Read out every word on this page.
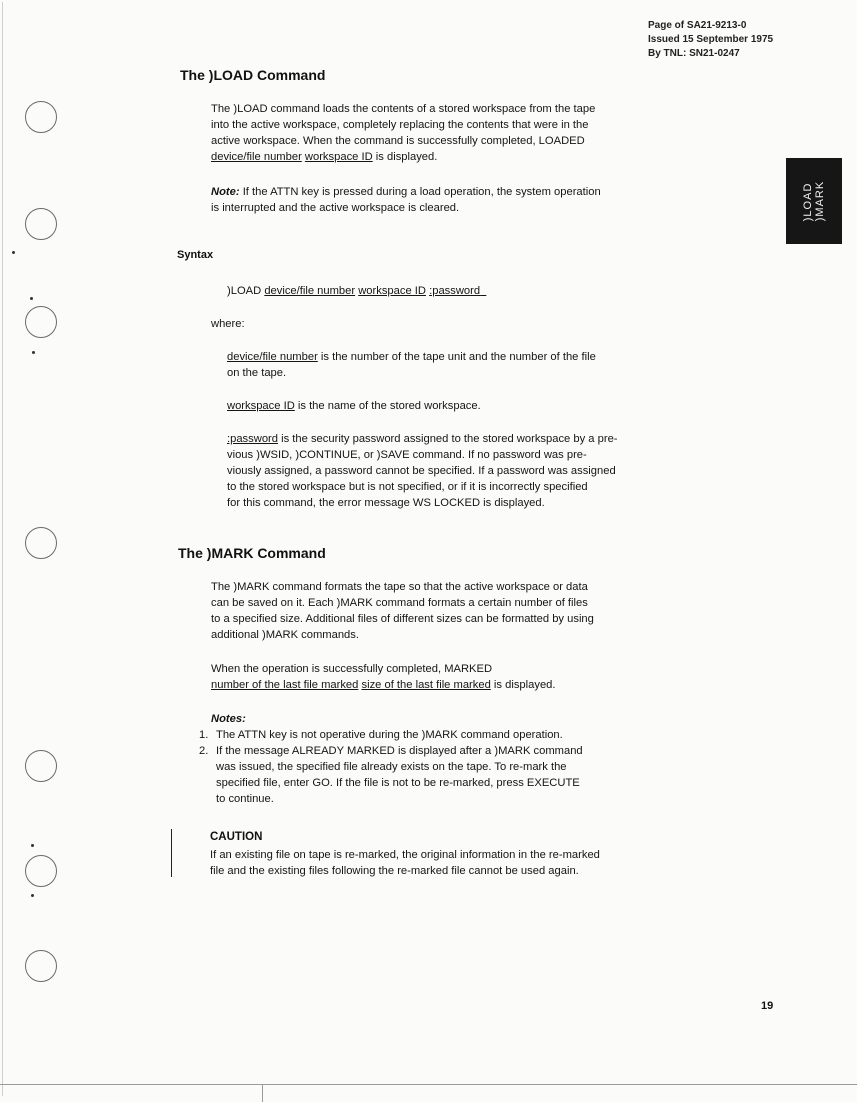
Page of SA21-9213-0
Issued 15 September 1975
By TNL: SN21-0247
)LOAD )MARK
The )LOAD Command
The )LOAD command loads the contents of a stored workspace from the tape
into the active workspace, completely replacing the contents that were in the
active workspace. When the command is successfully completed, LOADED
device/file number workspace ID is displayed.
Note: If the ATTN key is pressed during a load operation, the system operation
is interrupted and the active workspace is cleared.
Syntax
)LOAD device/file number workspace ID :password
where:
device/file number is the number of the tape unit and the number of the file
on the tape.
workspace ID is the name of the stored workspace.
:password is the security password assigned to the stored workspace by a pre-
vious )WSID, )CONTINUE, or )SAVE command. If no password was pre-
viously assigned, a password cannot be specified. If a password was assigned
to the stored workspace but is not specified, or if it is incorrectly specified
for this command, the error message WS LOCKED is displayed.
The )MARK Command
The )MARK command formats the tape so that the active workspace or data
can be saved on it. Each )MARK command formats a certain number of files
to a specified size. Additional files of different sizes can be formatted by using
additional )MARK commands.
When the operation is successfully completed, MARKED
number of the last file marked size of the last file marked is displayed.
Notes:
1. The ATTN key is not operative during the )MARK command operation.
2. If the message ALREADY MARKED is displayed after a )MARK command
was issued, the specified file already exists on the tape. To re-mark the
specified file, enter GO. If the file is not to be re-marked, press EXECUTE
to continue.
CAUTION
If an existing file on tape is re-marked, the original information in the re-marked
file and the existing files following the re-marked file cannot be used again.
19
